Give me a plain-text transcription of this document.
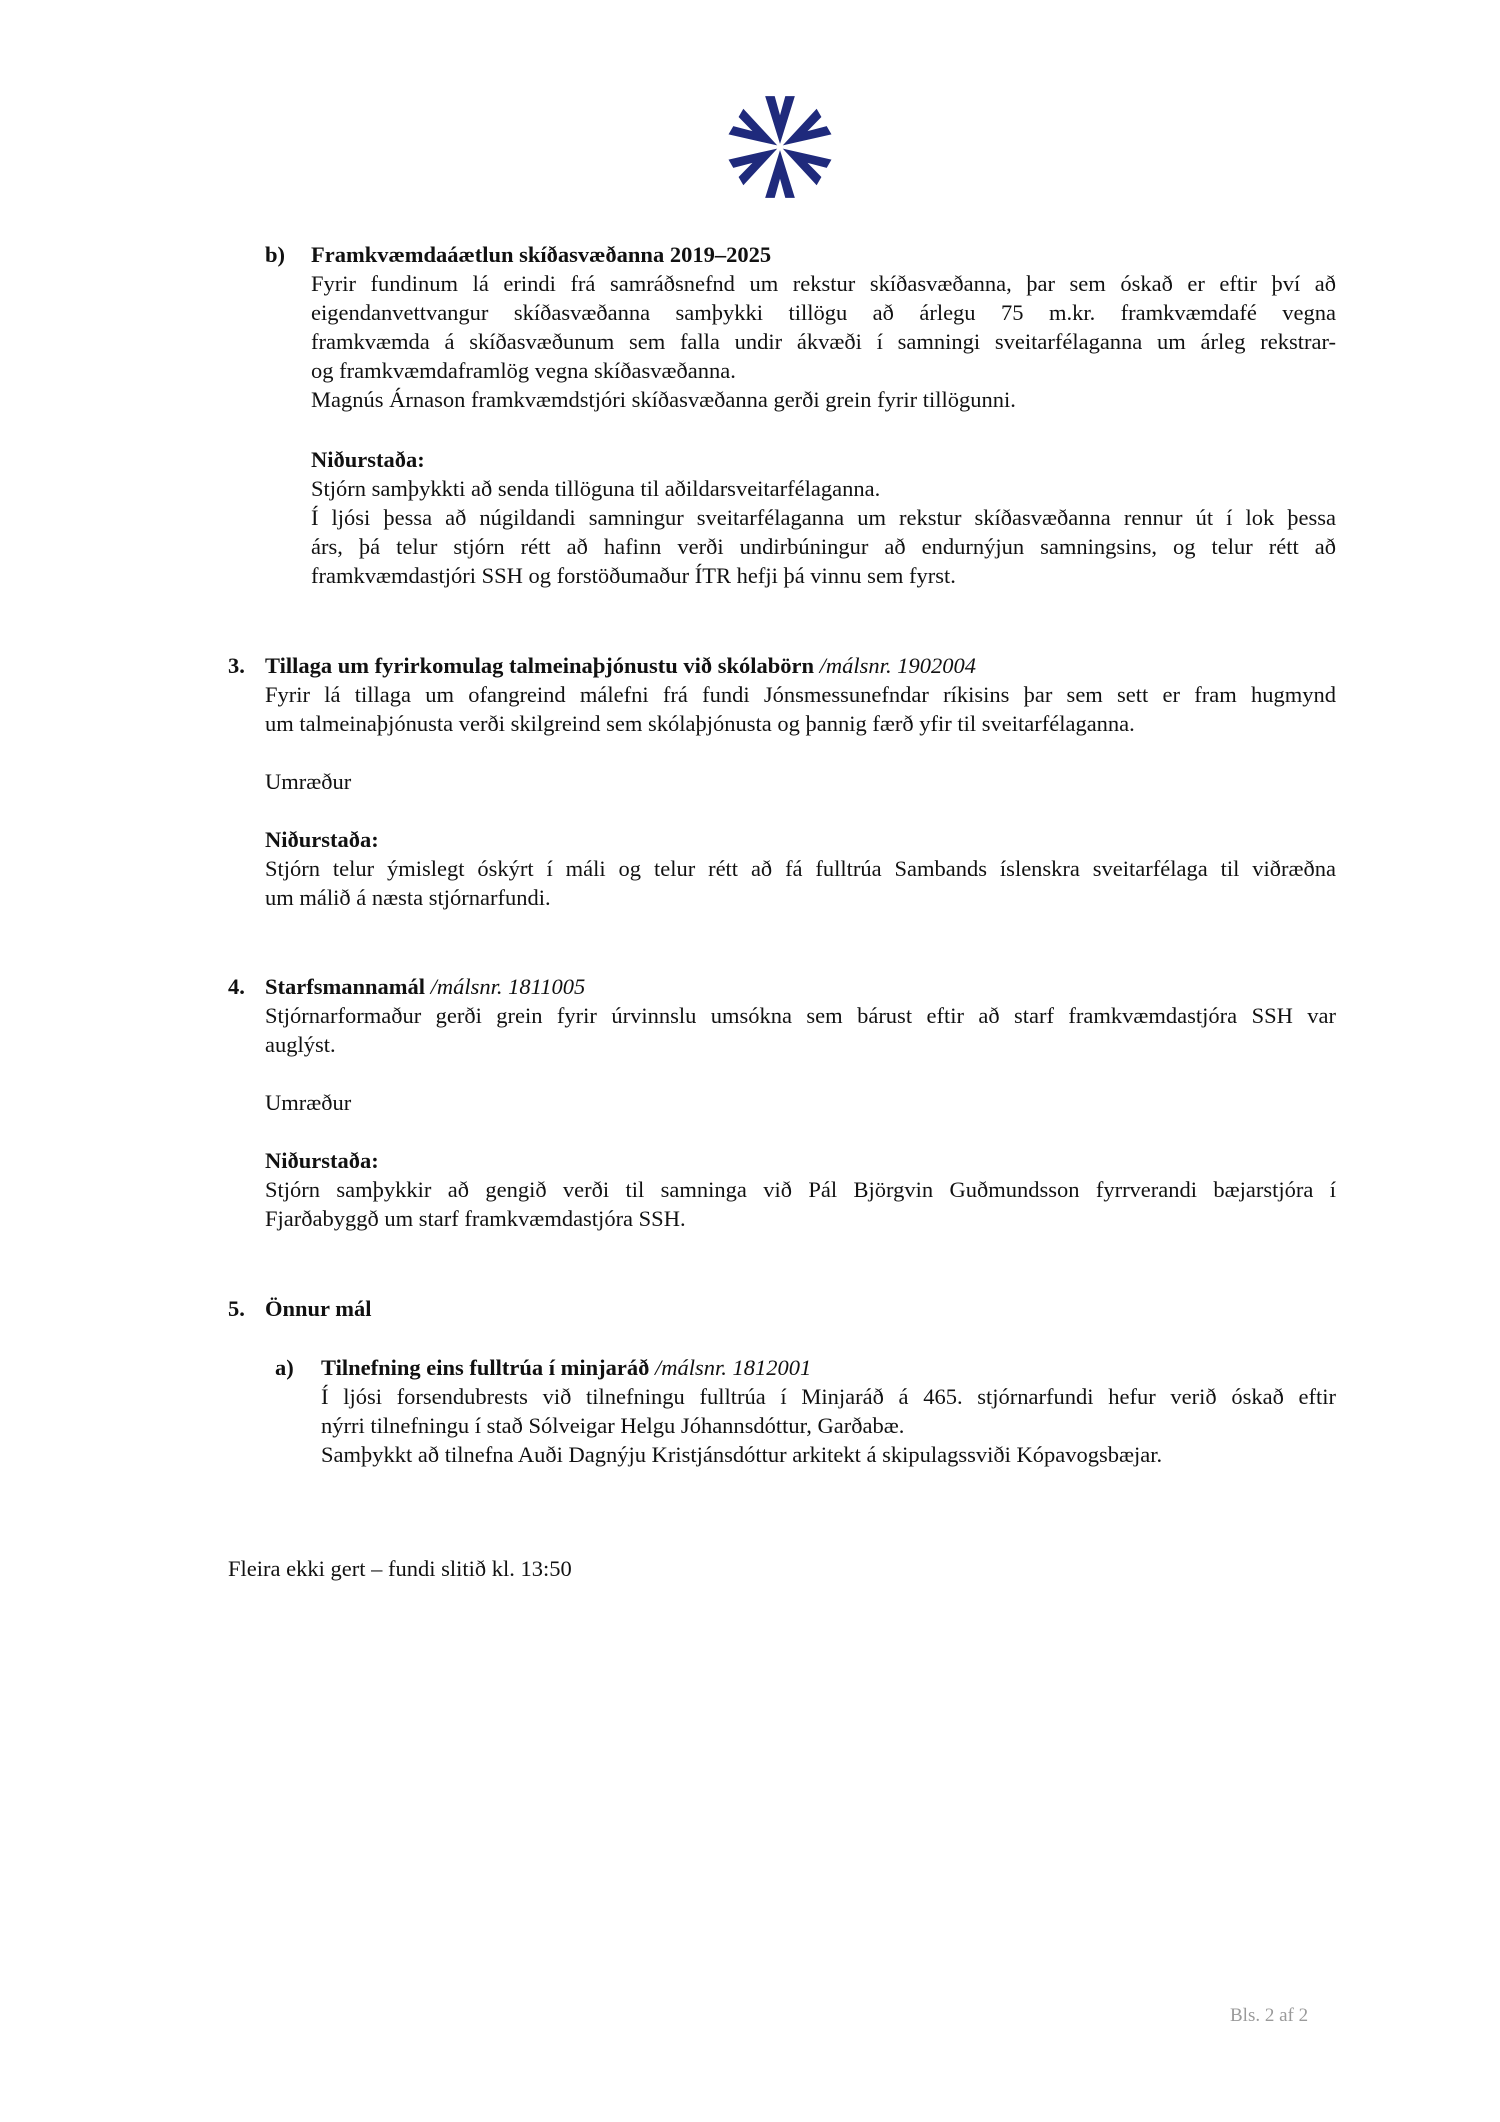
b) Framkvæmdaáætlun skíðasvæðanna 2019–2025
Fyrir fundinum lá erindi frá samráðsnefnd um rekstur skíðasvæðanna, þar sem óskað er eftir því að
eigendanvettvangur skíðasvæðanna samþykki tillögu að árlegu 75 m.kr. framkvæmdafé vegna
framkvæmda á skíðasvæðunum sem falla undir ákvæði í samningi sveitarfélaganna um árleg rekstrar-
og framkvæmdaframlög vegna skíðasvæðanna.
Magnús Árnason framkvæmdstjóri skíðasvæðanna gerði grein fyrir tillögunni.
Niðurstaða:
Stjórn samþykkti að senda tillöguna til aðildarsveitarfélaganna.
Í ljósi þessa að núgildandi samningur sveitarfélaganna um rekstur skíðasvæðanna rennur út í lok þessa
árs, þá telur stjórn rétt að hafinn verði undirbúningur að endurnýjun samningsins, og telur rétt að
framkvæmdastjóri SSH og forstöðumaður ÍTR hefji þá vinnu sem fyrst.
3. Tillaga um fyrirkomulag talmeinaþjónustu við skólabörn /málsnr. 1902004
Fyrir lá tillaga um ofangreind málefni frá fundi Jónsmessunefndar ríkisins þar sem sett er fram hugmynd
um talmeinaþjónusta verði skilgreind sem skólaþjónusta og þannig færð yfir til sveitarfélaganna.
Umræður
Niðurstaða:
Stjórn telur ýmislegt óskýrt í máli og telur rétt að fá fulltrúa Sambands íslenskra sveitarfélaga til viðræðna
um málið á næsta stjórnarfundi.
4. Starfsmannamál /málsnr. 1811005
Stjórnarformaður gerði grein fyrir úrvinnslu umsókna sem bárust eftir að starf framkvæmdastjóra SSH var
auglýst.
Umræður
Niðurstaða:
Stjórn samþykkir að gengið verði til samninga við Pál Björgvin Guðmundsson fyrrverandi bæjarstjóra í
Fjarðabyggð um starf framkvæmdastjóra SSH.
5. Önnur mál
a) Tilnefning eins fulltrúa í minjaráð /málsnr. 1812001
Í ljósi forsendubrests við tilnefningu fulltrúa í Minjaráð á 465. stjórnarfundi hefur verið óskað eftir
nýrri tilnefningu í stað Sólveigar Helgu Jóhannsdóttur, Garðabæ.
Samþykkt að tilnefna Auði Dagnýju Kristjánsdóttur arkitekt á skipulagssviði Kópavogsbæjar.
Fleira ekki gert – fundi slitið kl. 13:50
Bls. 2 af 2
